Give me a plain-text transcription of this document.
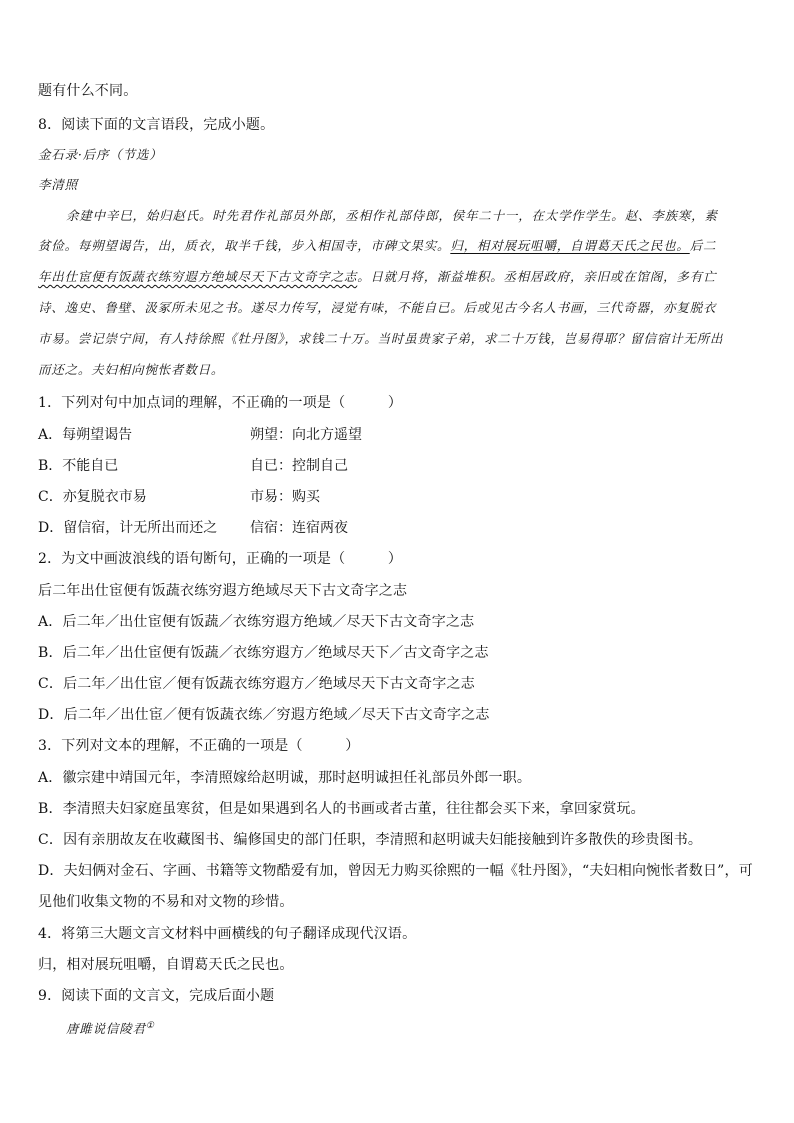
题有什么不同。
8．阅读下面的文言语段，完成小题。
金石录·后序（节选）
李清照
余建中辛巳，始归赵氏。时先君作礼部员外郎，丞相作礼部侍郎，侯年二十一，在太学作学生。赵、李族寒，素
贫俭。每朔望谒告，出，质衣，取半千钱，步入相国寺，市碑文果实。归，相对展玩咀嚼，自谓葛天氏之民也。后二
年出仕宦便有饭蔬衣练穷遐方绝域尽天下古文奇字之志。日就月将，渐益堆积。丞相居政府，亲旧或在馆阁，多有亡
诗、逸史、鲁壁、汲冢所未见之书。遂尽力传写，浸觉有味，不能自已。后或见古今名人书画，三代奇器，亦复脱衣
市易。尝记崇宁间，有人持徐熙《牡丹图》，求钱二十万。当时虽贵家子弟，求二十万钱，岂易得耶？留信宿计无所出
而还之。夫妇相向惋怅者数日。
1．下列对句中加点词的理解，不正确的一项是（　　　）
A．每朔望谒告	朔望：向北方遥望
B．不能自已	自已：控制自己
C．亦复脱衣市易	市易：购买
D．留信宿，计无所出而还之 信宿：连宿两夜
2．为文中画波浪线的语句断句，正确的一项是（　　　）
后二年出仕宦便有饭蔬衣练穷遐方绝域尽天下古文奇字之志
A．后二年／出仕宦便有饭蔬／衣练穷遐方绝域／尽天下古文奇字之志
B．后二年／出仕宦便有饭蔬／衣练穷遐方／绝域尽天下／古文奇字之志
C．后二年／出仕宦／便有饭蔬衣练穷遐方／绝域尽天下古文奇字之志
D．后二年／出仕宦／便有饭蔬衣练／穷遐方绝域／尽天下古文奇字之志
3．下列对文本的理解，不正确的一项是（　　　）
A．徽宗建中靖国元年，李清照嫁给赵明诚，那时赵明诚担任礼部员外郎一职。
B．李清照夫妇家庭虽寒贫，但是如果遇到名人的书画或者古董，往往都会买下来，拿回家赏玩。
C．因有亲朋故友在收藏图书、编修国史的部门任职，李清照和赵明诚夫妇能接触到许多散佚的珍贵图书。
D．夫妇俩对金石、字画、书籍等文物酷爱有加，曾因无力购买徐熙的一幅《牡丹图》，“夫妇相向惋怅者数日”，可
见他们收集文物的不易和对文物的珍惜。
4．将第三大题文言文材料中画横线的句子翻译成现代汉语。
归，相对展玩咀嚼，自谓葛天氏之民也。
9．阅读下面的文言文，完成后面小题
唐雎说信陵君①
